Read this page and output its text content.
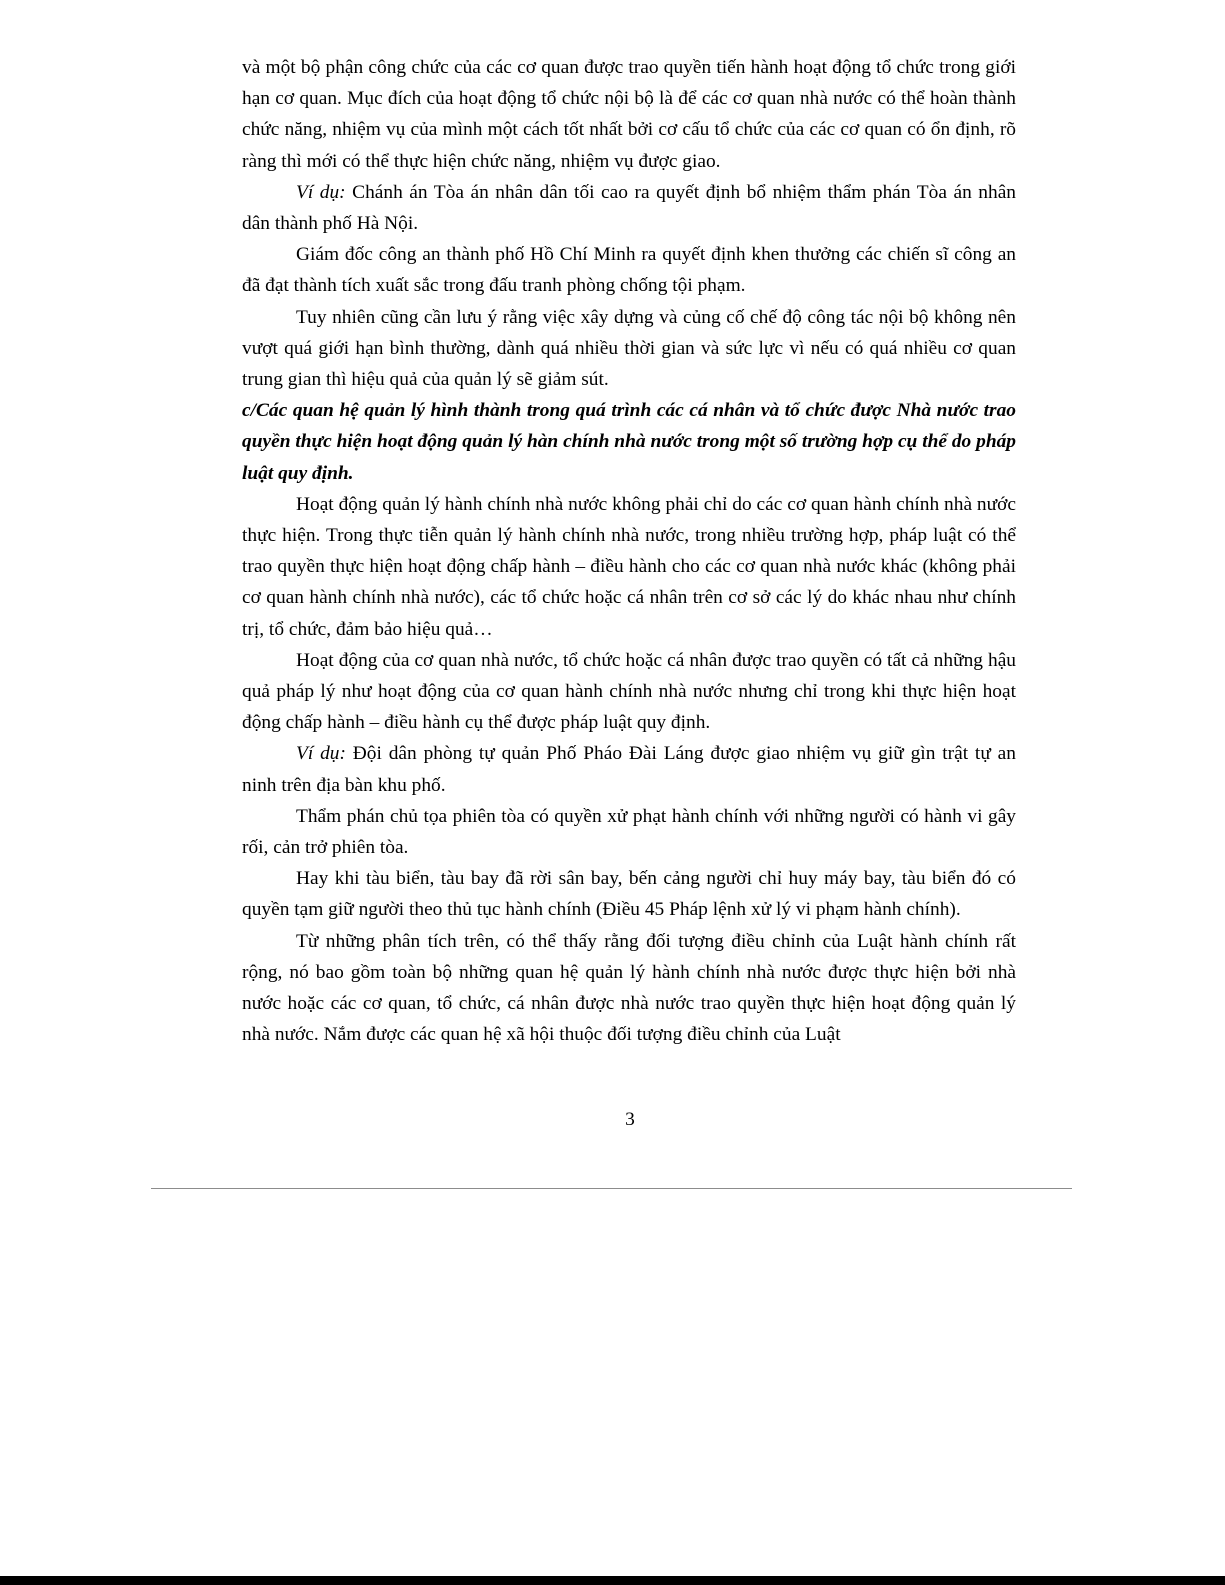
và một bộ phận công chức của các cơ quan được trao quyền tiến hành hoạt động tổ chức trong giới hạn cơ quan. Mục đích của hoạt động tổ chức nội bộ là để các cơ quan nhà nước có thể hoàn thành chức năng, nhiệm vụ của mình một cách tốt nhất bởi cơ cấu tổ chức của các cơ quan có ổn định, rõ ràng thì mới có thể thực hiện chức năng, nhiệm vụ được giao.

Ví dụ: Chánh án Tòa án nhân dân tối cao ra quyết định bổ nhiệm thẩm phán Tòa án nhân dân thành phố Hà Nội.

Giám đốc công an thành phố Hồ Chí Minh ra quyết định khen thưởng các chiến sĩ công an đã đạt thành tích xuất sắc trong đấu tranh phòng chống tội phạm.

Tuy nhiên cũng cần lưu ý rằng việc xây dựng và củng cố chế độ công tác nội bộ không nên vượt quá giới hạn bình thường, dành quá nhiều thời gian và sức lực vì nếu có quá nhiều cơ quan trung gian thì hiệu quả của quản lý sẽ giảm sút.

c/Các quan hệ quản lý hình thành trong quá trình các cá nhân và tổ chức được Nhà nước trao quyền thực hiện hoạt động quản lý hàn chính nhà nước trong một số trường hợp cụ thể do pháp luật quy định.

Hoạt động quản lý hành chính nhà nước không phải chỉ do các cơ quan hành chính nhà nước thực hiện. Trong thực tiễn quản lý hành chính nhà nước, trong nhiều trường hợp, pháp luật có thể trao quyền thực hiện hoạt động chấp hành – điều hành cho các cơ quan nhà nước khác (không phải cơ quan hành chính nhà nước), các tổ chức hoặc cá nhân trên cơ sở các lý do khác nhau như chính trị, tổ chức, đảm bảo hiệu quả…

Hoạt động của cơ quan nhà nước, tổ chức hoặc cá nhân được trao quyền có tất cả những hậu quả pháp lý như hoạt động của cơ quan hành chính nhà nước nhưng chỉ trong khi thực hiện hoạt động chấp hành – điều hành cụ thể được pháp luật quy định.

Ví dụ: Đội dân phòng tự quản Phố Pháo Đài Láng được giao nhiệm vụ giữ gìn trật tự an ninh trên địa bàn khu phố.

Thẩm phán chủ tọa phiên tòa có quyền xử phạt hành chính với những người có hành vi gây rối, cản trở phiên tòa.

Hay khi tàu biển, tàu bay đã rời sân bay, bến cảng người chỉ huy máy bay, tàu biển đó có quyền tạm giữ người theo thủ tục hành chính (Điều 45 Pháp lệnh xử lý vi phạm hành chính).

Từ những phân tích trên, có thể thấy rằng đối tượng điều chỉnh của Luật hành chính rất rộng, nó bao gồm toàn bộ những quan hệ quản lý hành chính nhà nước được thực hiện bởi nhà nước hoặc các cơ quan, tổ chức, cá nhân được nhà nước trao quyền thực hiện hoạt động quản lý nhà nước. Nắm được các quan hệ xã hội thuộc đối tượng điều chỉnh của Luật

3
